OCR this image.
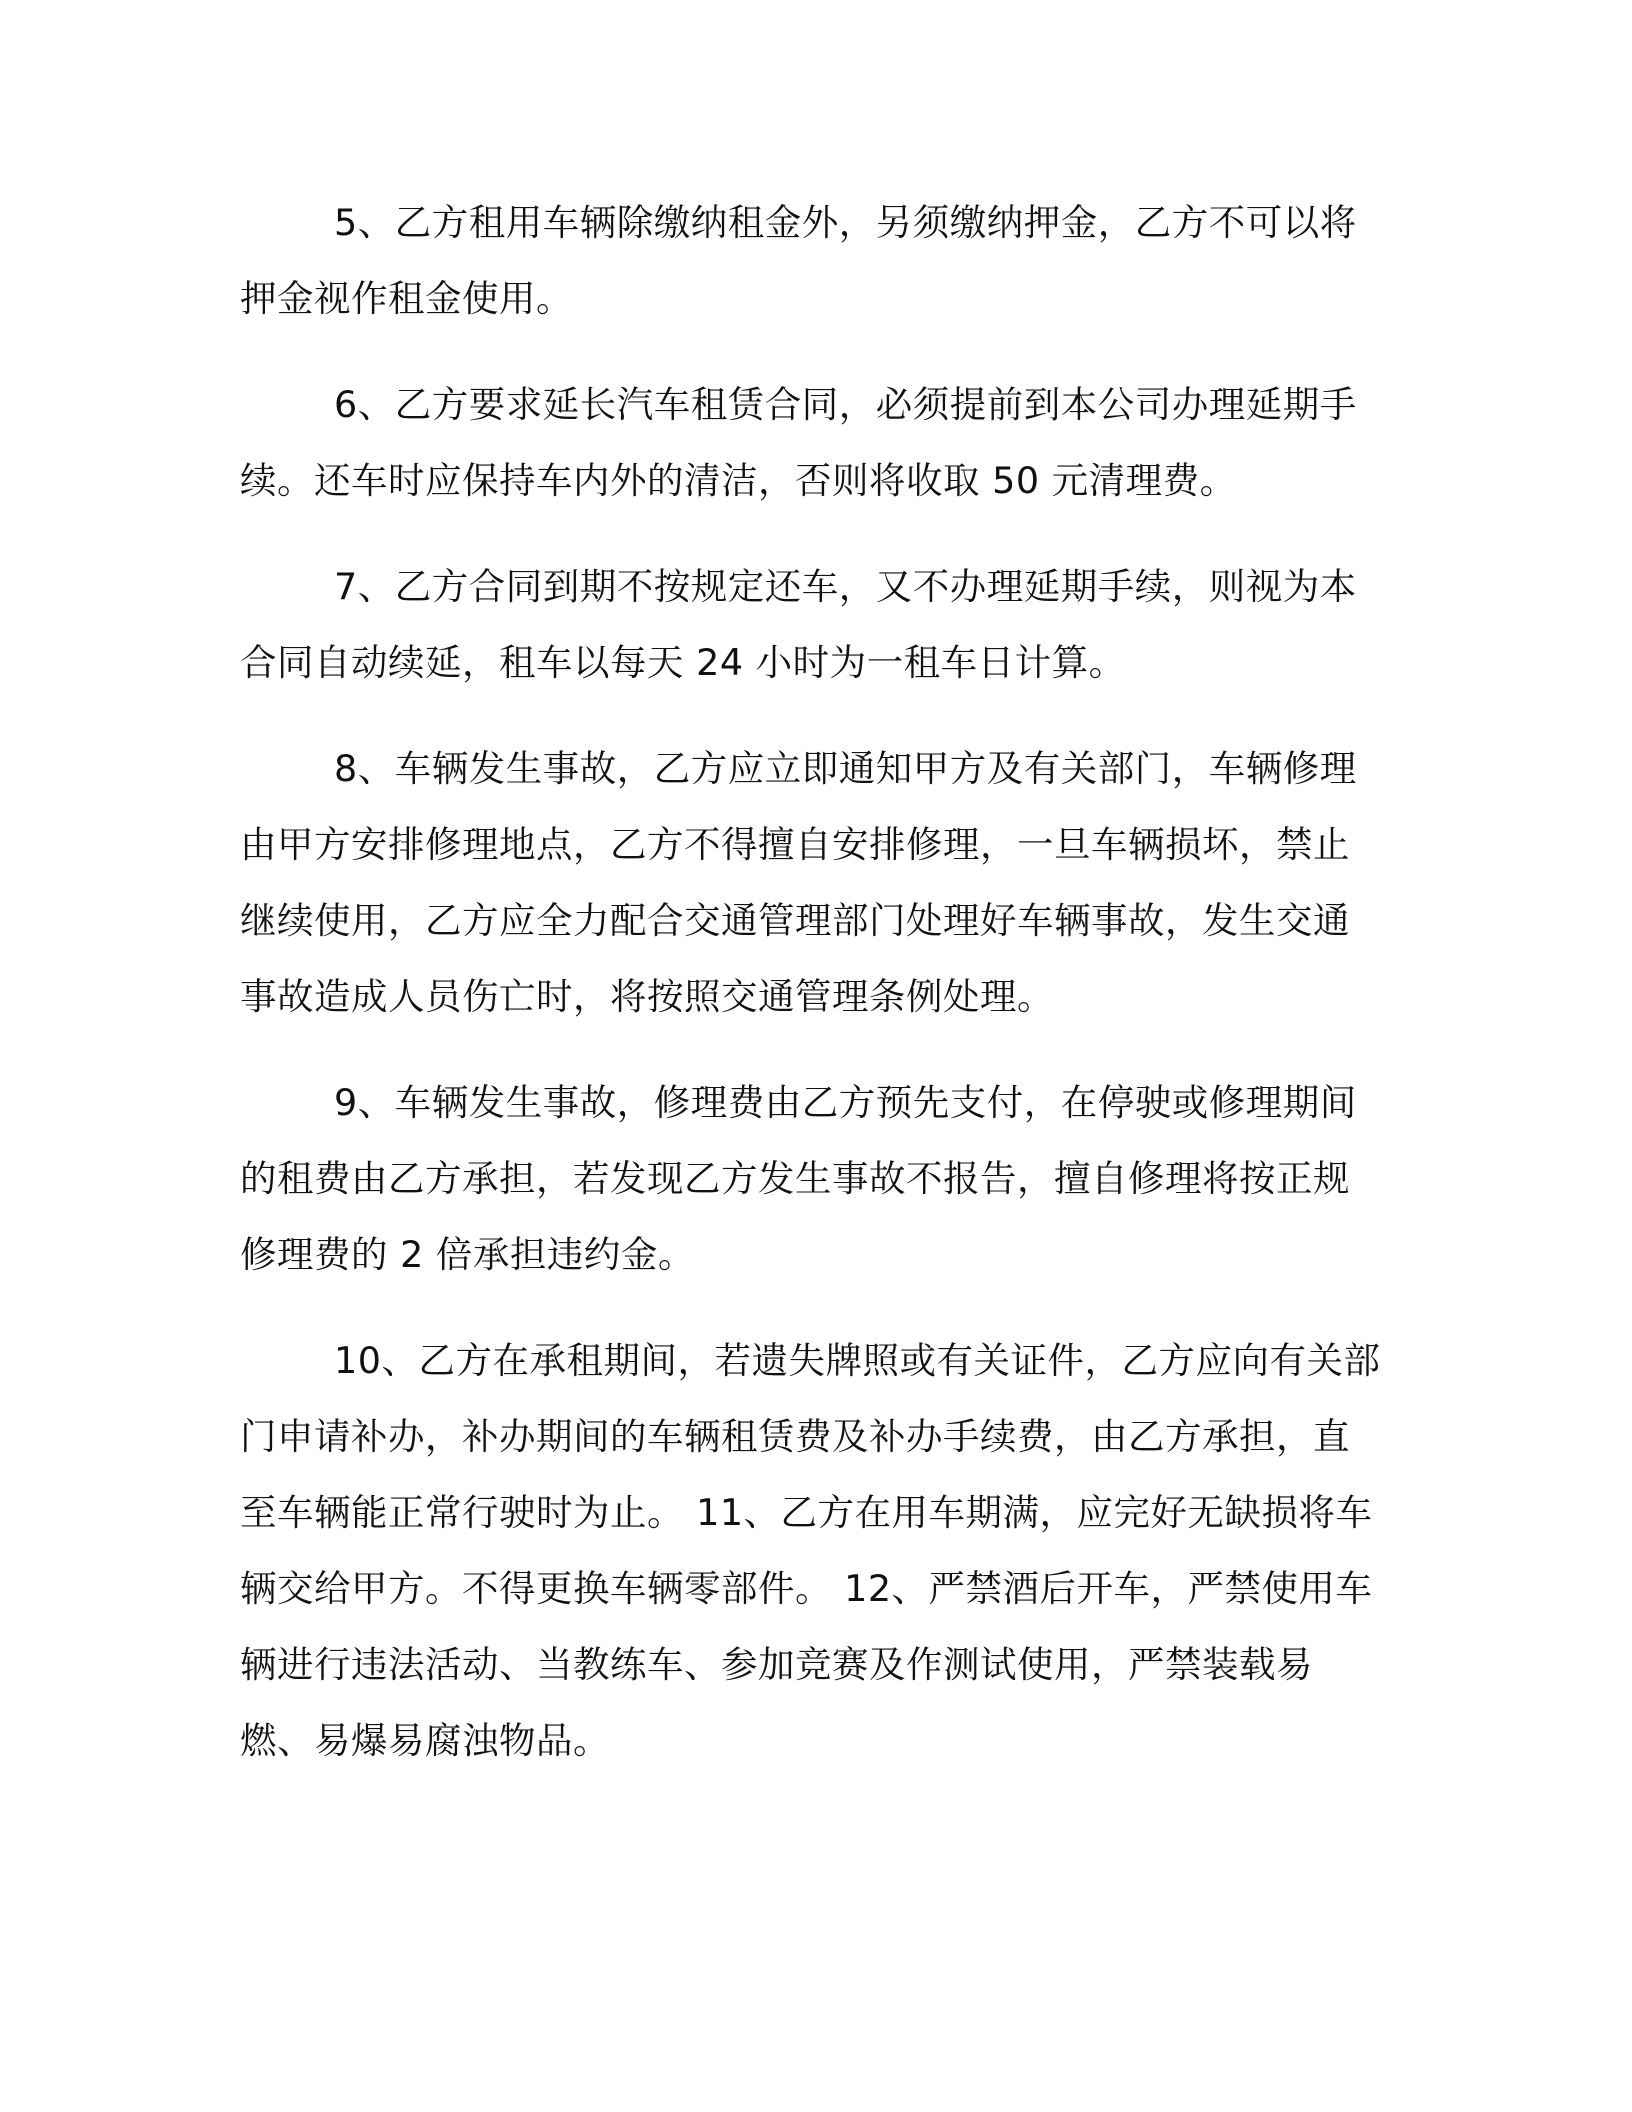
5、乙方租用车辆除缴纳租金外，另须缴纳押金，乙方不可以将押金视作租金使用。

6、乙方要求延长汽车租赁合同，必须提前到本公司办理延期手续。还车时应保持车内外的清洁，否则将收取 50 元清理费。

7、乙方合同到期不按规定还车，又不办理延期手续，则视为本合同自动续延，租车以每天 24 小时为一租车日计算。

8、车辆发生事故，乙方应立即通知甲方及有关部门，车辆修理由甲方安排修理地点，乙方不得擅自安排修理，一旦车辆损坏，禁止继续使用，乙方应全力配合交通管理部门处理好车辆事故，发生交通事故造成人员伤亡时，将按照交通管理条例处理。

9、车辆发生事故，修理费由乙方预先支付，在停驶或修理期间的租费由乙方承担，若发现乙方发生事故不报告，擅自修理将按正规修理费的 2 倍承担违约金。

10、乙方在承租期间，若遗失牌照或有关证件，乙方应向有关部门申请补办，补办期间的车辆租赁费及补办手续费，由乙方承担，直至车辆能正常行驶时为止。 11、乙方在用车期满，应完好无缺损将车辆交给甲方。不得更换车辆零部件。 12、严禁酒后开车，严禁使用车辆进行违法活动、当教练车、参加竞赛及作测试使用，严禁装载易燃、易爆易腐浊物品。
